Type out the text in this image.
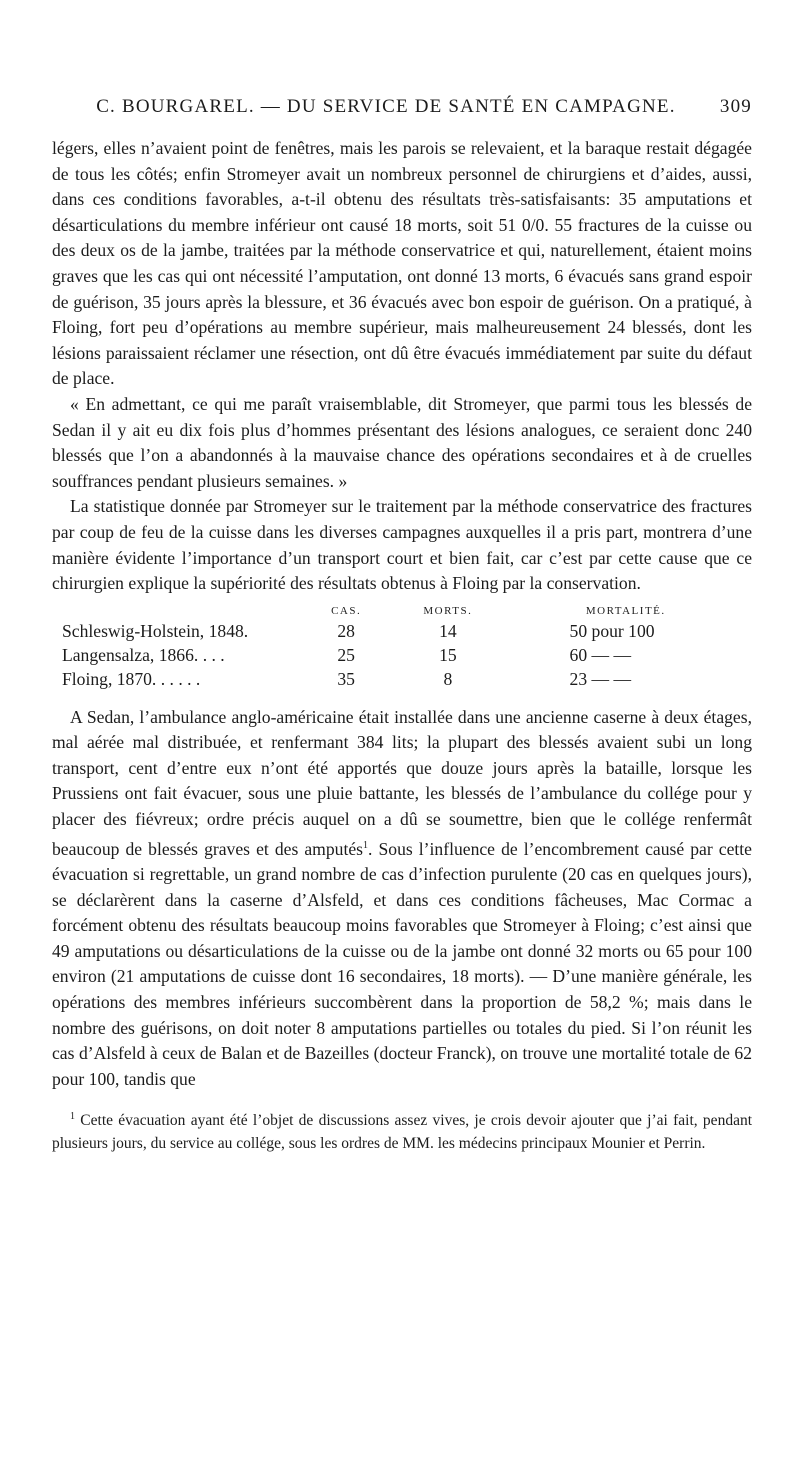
C. BOURGAREL. — DU SERVICE DE SANTÉ EN CAMPAGNE.	309

légers, elles n’avaient point de fenêtres, mais les parois se relevaient, et la baraque restait dégagée de tous les côtés; enfin Stromeyer avait un nombreux personnel de chirurgiens et d’aides, aussi, dans ces conditions favorables, a-t-il obtenu des résultats très-satisfaisants: 35 amputations et désarticulations du membre inférieur ont causé 18 morts, soit 51 0/0. 55 fractures de la cuisse ou des deux os de la jambe, traitées par la méthode conservatrice et qui, naturellement, étaient moins graves que les cas qui ont nécessité l’amputation, ont donné 13 morts, 6 évacués sans grand espoir de guérison, 35 jours après la blessure, et 36 évacués avec bon espoir de guérison. On a pratiqué, à Floing, fort peu d’opérations au membre supérieur, mais malheureusement 24 blessés, dont les lésions paraissaient réclamer une résection, ont dû être évacués immédiatement par suite du défaut de place.

« En admettant, ce qui me paraît vraisemblable, dit Stromeyer, que parmi tous les blessés de Sedan il y ait eu dix fois plus d’hommes présentant des lésions analogues, ce seraient donc 240 blessés que l’on a abandonnés à la mauvaise chance des opérations secondaires et à de cruelles souffrances pendant plusieurs semaines. »

La statistique donnée par Stromeyer sur le traitement par la méthode conservatrice des fractures par coup de feu de la cuisse dans les diverses campagnes auxquelles il a pris part, montrera d’une manière évidente l’importance d’un transport court et bien fait, car c’est par cette cause que ce chirurgien explique la supériorité des résultats obtenus à Floing par la conservation.

	CAS.	MORTS.	MORTALITÉ.
Schleswig-Holstein, 1848.	28	14	50 pour 100
Langensalza, 1866. . . .	25	15	60 — —
Floing, 1870. . . . . .	35	8	23 — —

A Sedan, l’ambulance anglo-américaine était installée dans une ancienne caserne à deux étages, mal aérée mal distribuée, et renfermant 384 lits; la plupart des blessés avaient subi un long transport, cent d’entre eux n’ont été apportés que douze jours après la bataille, lorsque les Prussiens ont fait évacuer, sous une pluie battante, les blessés de l’ambulance du collége pour y placer des fiévreux; ordre précis auquel on a dû se soumettre, bien que le collége renfermât beaucoup de blessés graves et des amputés$^1$. Sous l’influence de l’encombrement causé par cette évacuation si regrettable, un grand nombre de cas d’infection purulente (20 cas en quelques jours), se déclarèrent dans la caserne d’Alsfeld, et dans ces conditions fâcheuses, Mac Cormac a forcément obtenu des résultats beaucoup moins favorables que Stromeyer à Floing; c’est ainsi que 49 amputations ou désarticulations de la cuisse ou de la jambe ont donné 32 morts ou 65 pour 100 environ (21 amputations de cuisse dont 16 secondaires, 18 morts). — D’une manière générale, les opérations des membres inférieurs succombèrent dans la proportion de 58,2 %; mais dans le nombre des guérisons, on doit noter 8 amputations partielles ou totales du pied. Si l’on réunit les cas d’Alsfeld à ceux de Balan et de Bazeilles (docteur Franck), on trouve une mortalité totale de 62 pour 100, tandis que

$^1$ Cette évacuation ayant été l’objet de discussions assez vives, je crois devoir ajouter que j’ai fait, pendant plusieurs jours, du service au collége, sous les ordres de MM. les médecins principaux Mounier et Perrin.
